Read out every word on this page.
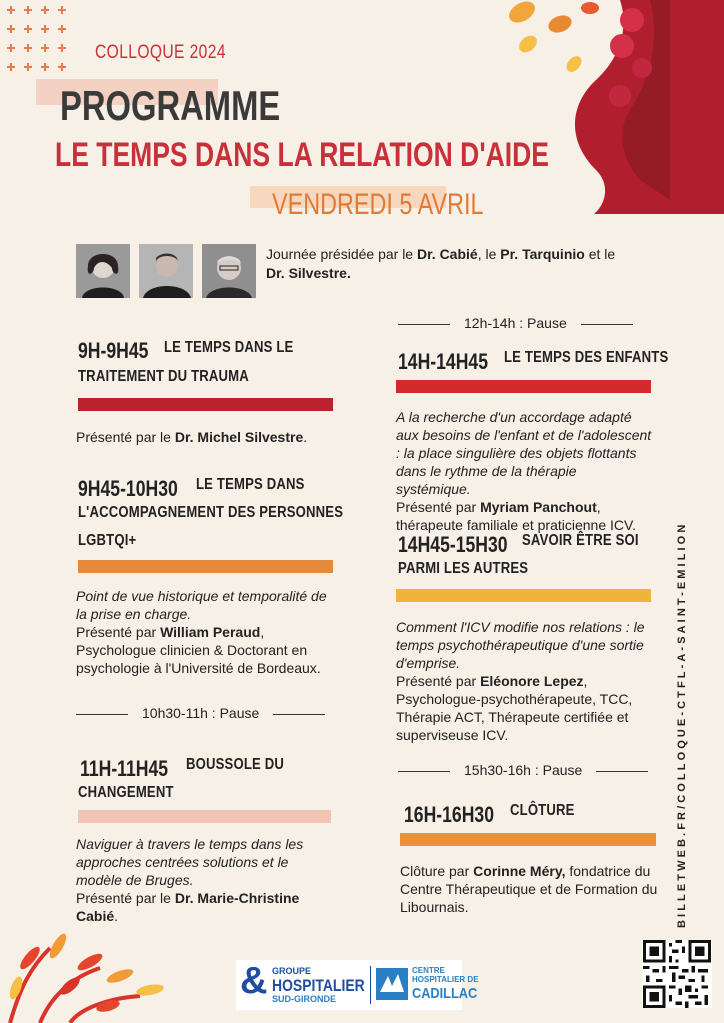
COLLOQUE 2024
PROGRAMME
LE TEMPS DANS LA RELATION D'AIDE
VENDREDI 5 AVRIL
Journée présidée par le Dr. Cabié, le Pr. Tarquinio et le Dr. Silvestre.
9H-9H45 LE TEMPS DANS LE
TRAITEMENT DU TRAUMA
Présenté par le Dr. Michel Silvestre.
9H45-10H30 LE TEMPS DANS
L'ACCOMPAGNEMENT DES PERSONNES
LGBTQI+
Point de vue historique et temporalité de la prise en charge.
Présenté par William Peraud, Psychologue clinicien & Doctorant en psychologie à l'Université de Bordeaux.
10h30-11h : Pause
11H-11H45 BOUSSOLE DU
CHANGEMENT
Naviguer à travers le temps dans les approches centrées solutions et le modèle de Bruges.
Présenté par le Dr. Marie-Christine Cabié.
12h-14h : Pause
14H-14H45 LE TEMPS DES ENFANTS
A la recherche d'un accordage adapté aux besoins de l'enfant et de l'adolescent : la place singulière des objets flottants dans le rythme de la thérapie systémique.
Présenté par Myriam Panchout, thérapeute familiale et praticienne ICV.
14H45-15H30 SAVOIR ÊTRE SOI
PARMI LES AUTRES
Comment l'ICV modifie nos relations : le temps psychothérapeutique d'une sortie d'emprise.
Présenté par Eléonore Lepez, Psychologue-psychothérapeute, TCC, Thérapie ACT, Thérapeute certifiée et superviseuse ICV.
15h30-16h : Pause
16H-16H30 CLÔTURE
Clôture par Corinne Méry, fondatrice du Centre Thérapeutique et de Formation du Libournais.	BILLETWEB.FR/COLLOQUE-CTFL-A-SAINT-EMILION
& GROUPE
HOSPITALIER
SUD-GIRONDE
CENTRE
HOSPITALIER DE
CADILLAC
